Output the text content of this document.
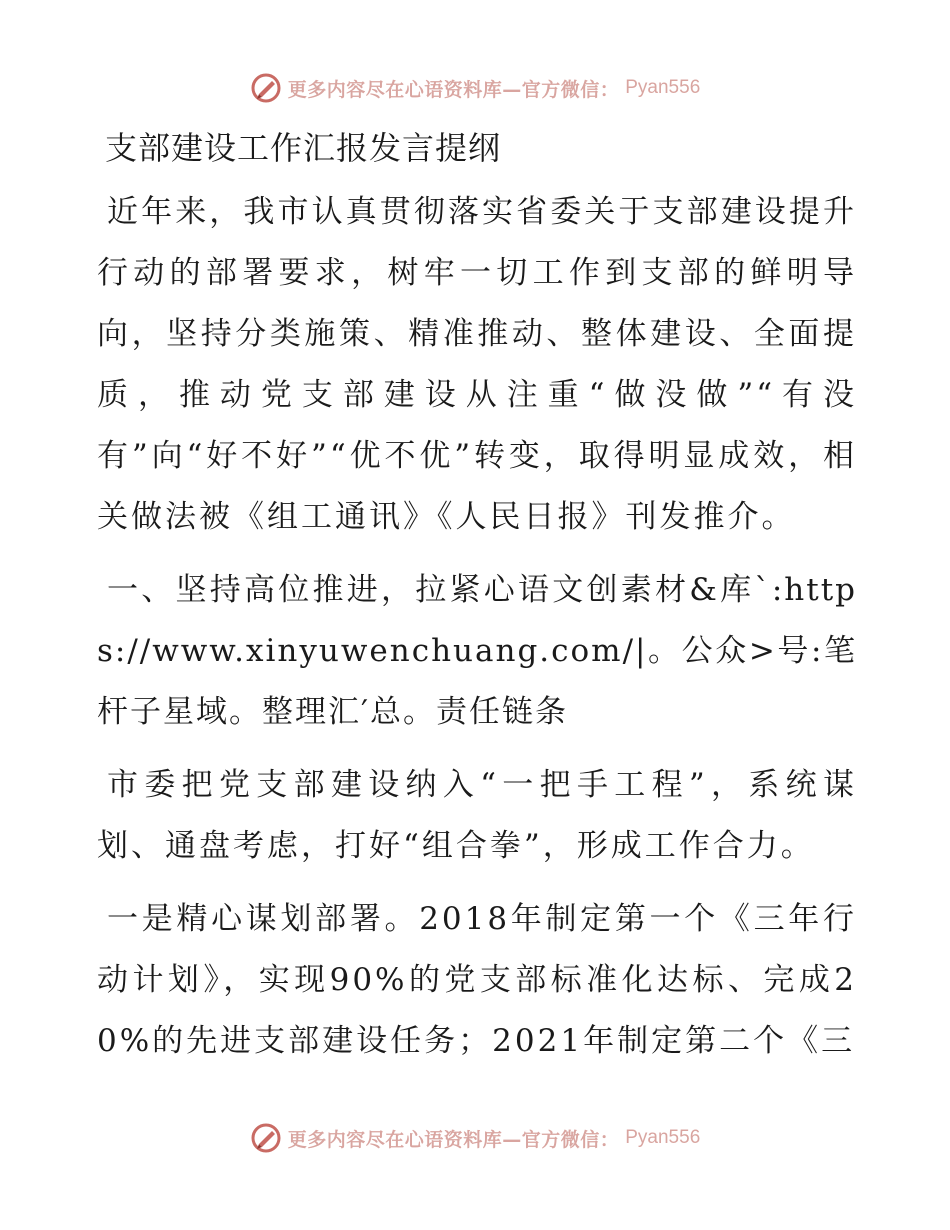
更多内容尽在心语资料库—官方微信： Pyan556
支部建设工作汇报发言提纲

近年来，我市认真贯彻落实省委关于支部建设提升行动的部署要求，树牢一切工作到支部的鲜明导向，坚持分类施策、精准推动、整体建设、全面提质，推动党支部建设从注重“做没做”“有没有”向“好不好”“优不优”转变，取得明显成效，相关做法被《组工通讯》《人民日报》刊发推介。

一、坚持高位推进，拉紧心语文创素材&库`:https://www.xinyuwenchuang.com/|。公众>号:笔杆子星域。整理汇′总。责任链条

市委把党支部建设纳入“一把手工程”，系统谋划、通盘考虑，打好“组合拳”，形成工作合力。

一是精心谋划部署。2018年制定第一个《三年行动计划》，实现90%的党支部标准化达标、完成20%的先进支部建设任务；2021年制定第二个《三

更多内容尽在心语资料库—官方微信： Pyan556
